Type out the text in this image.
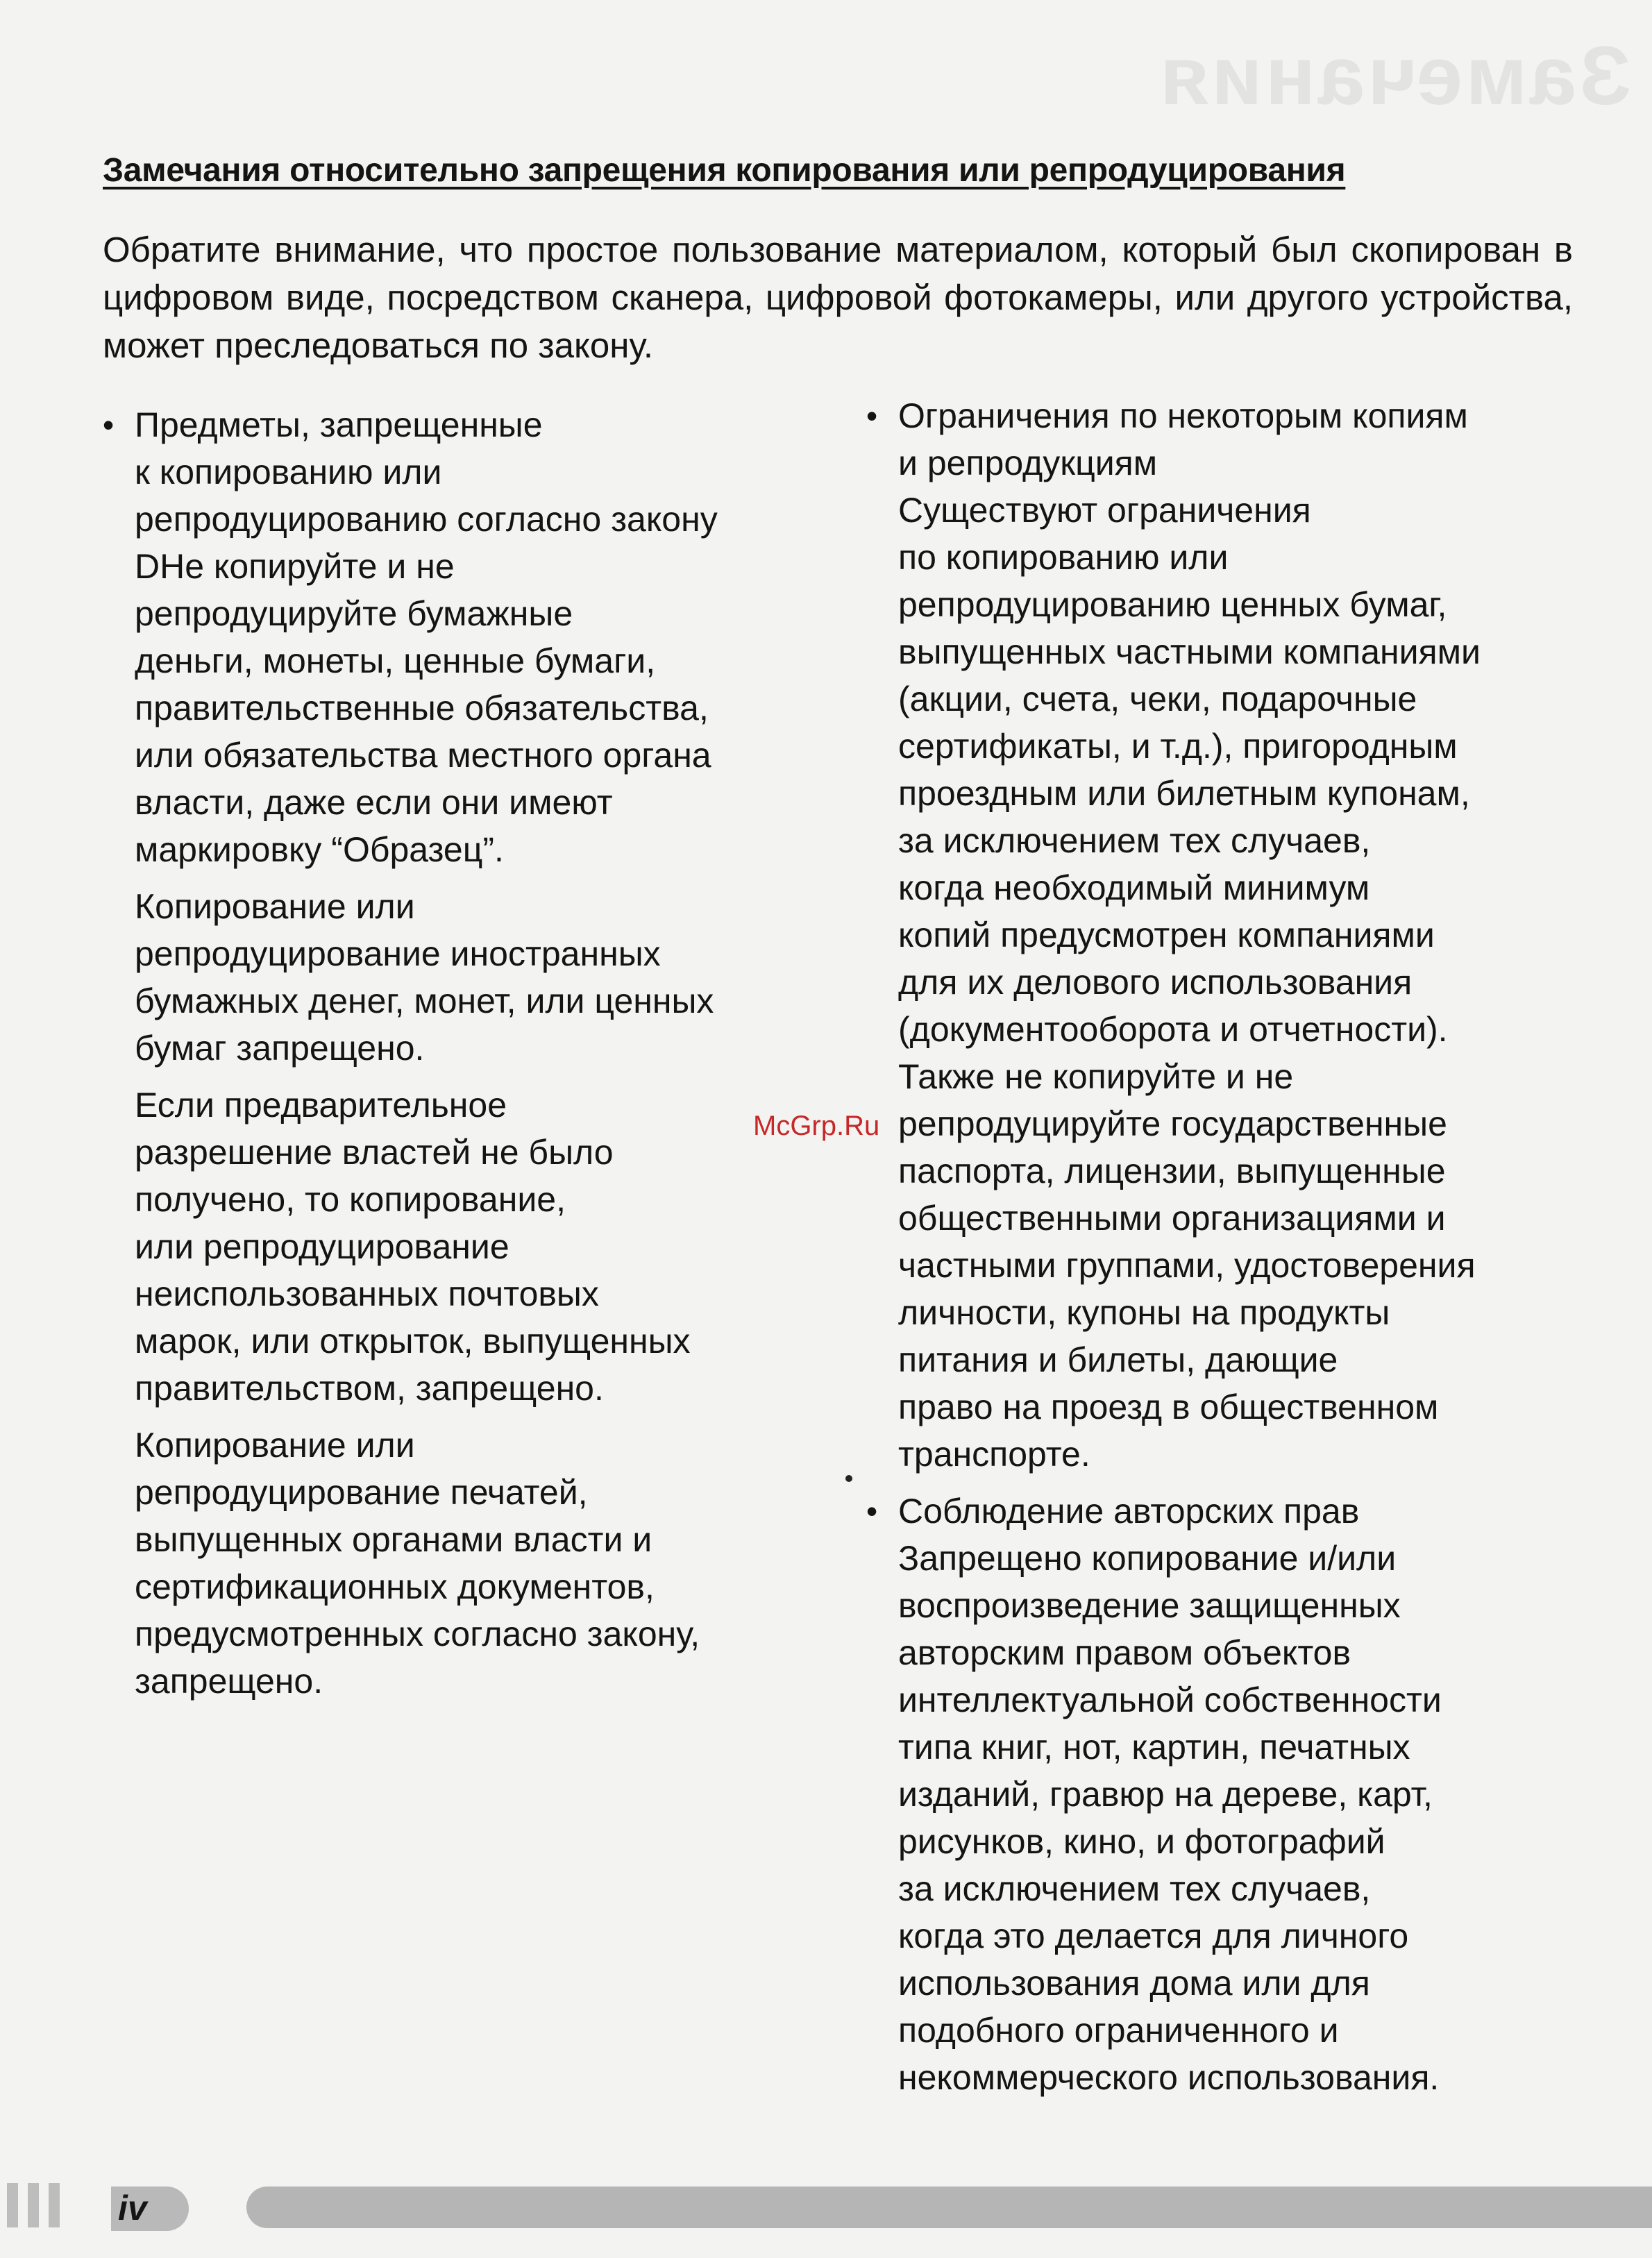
Замечания
Замечания относительно запрещения копирования или репродуцирования
Обратите внимание, что простое пользование материалом, который был скопирован в цифровом виде, посредством сканера, цифровой фотокамеры, или другого устройства, может преследоваться по закону.
• Предметы, запрещенные
к копированию или
репродуцированию согласно закону
DНе копируйте и не
репродуцируйте бумажные
деньги, монеты, ценные бумаги,
правительственные обязательства,
или обязательства местного органа
власти, даже если они имеют
маркировку “Образец”.
Копирование или
репродуцирование иностранных
бумажных денег, монет, или ценных
бумаг запрещено.
Если предварительное
разрешение властей не было
получено, то копирование,
или репродуцирование
неиспользованных почтовых
марок, или открыток, выпущенных
правительством, запрещено.
Копирование или
репродуцирование печатей,
выпущенных органами власти и
сертификационных документов,
предусмотренных согласно закону,
запрещено.
• Ограничения по некоторым копиям
и репродукциям
Существуют ограничения
по копированию или
репродуцированию ценных бумаг,
выпущенных частными компаниями
(акции, счета, чеки, подарочные
сертификаты, и т.д.), пригородным
проездным или билетным купонам,
за исключением тех случаев,
когда необходимый минимум
копий предусмотрен компаниями
для их делового использования
(документооборота и отчетности).
Также не копируйте и не
репродуцируйте государственные
паспорта, лицензии, выпущенные
общественными организациями и
частными группами, удостоверения
личности, купоны на продукты
питания и билеты, дающие
право на проезд в общественном
транспорте.
• Соблюдение авторских прав
Запрещено копирование и/или
воспроизведение защищенных
авторским правом объектов
интеллектуальной собственности
типа книг, нот, картин, печатных
изданий, гравюр на дереве, карт,
рисунков, кино, и фотографий
за исключением тех случаев,
когда это делается для личного
использования дома или для
подобного ограниченного и
некоммерческого использования.
McGrp.Ru
iv
